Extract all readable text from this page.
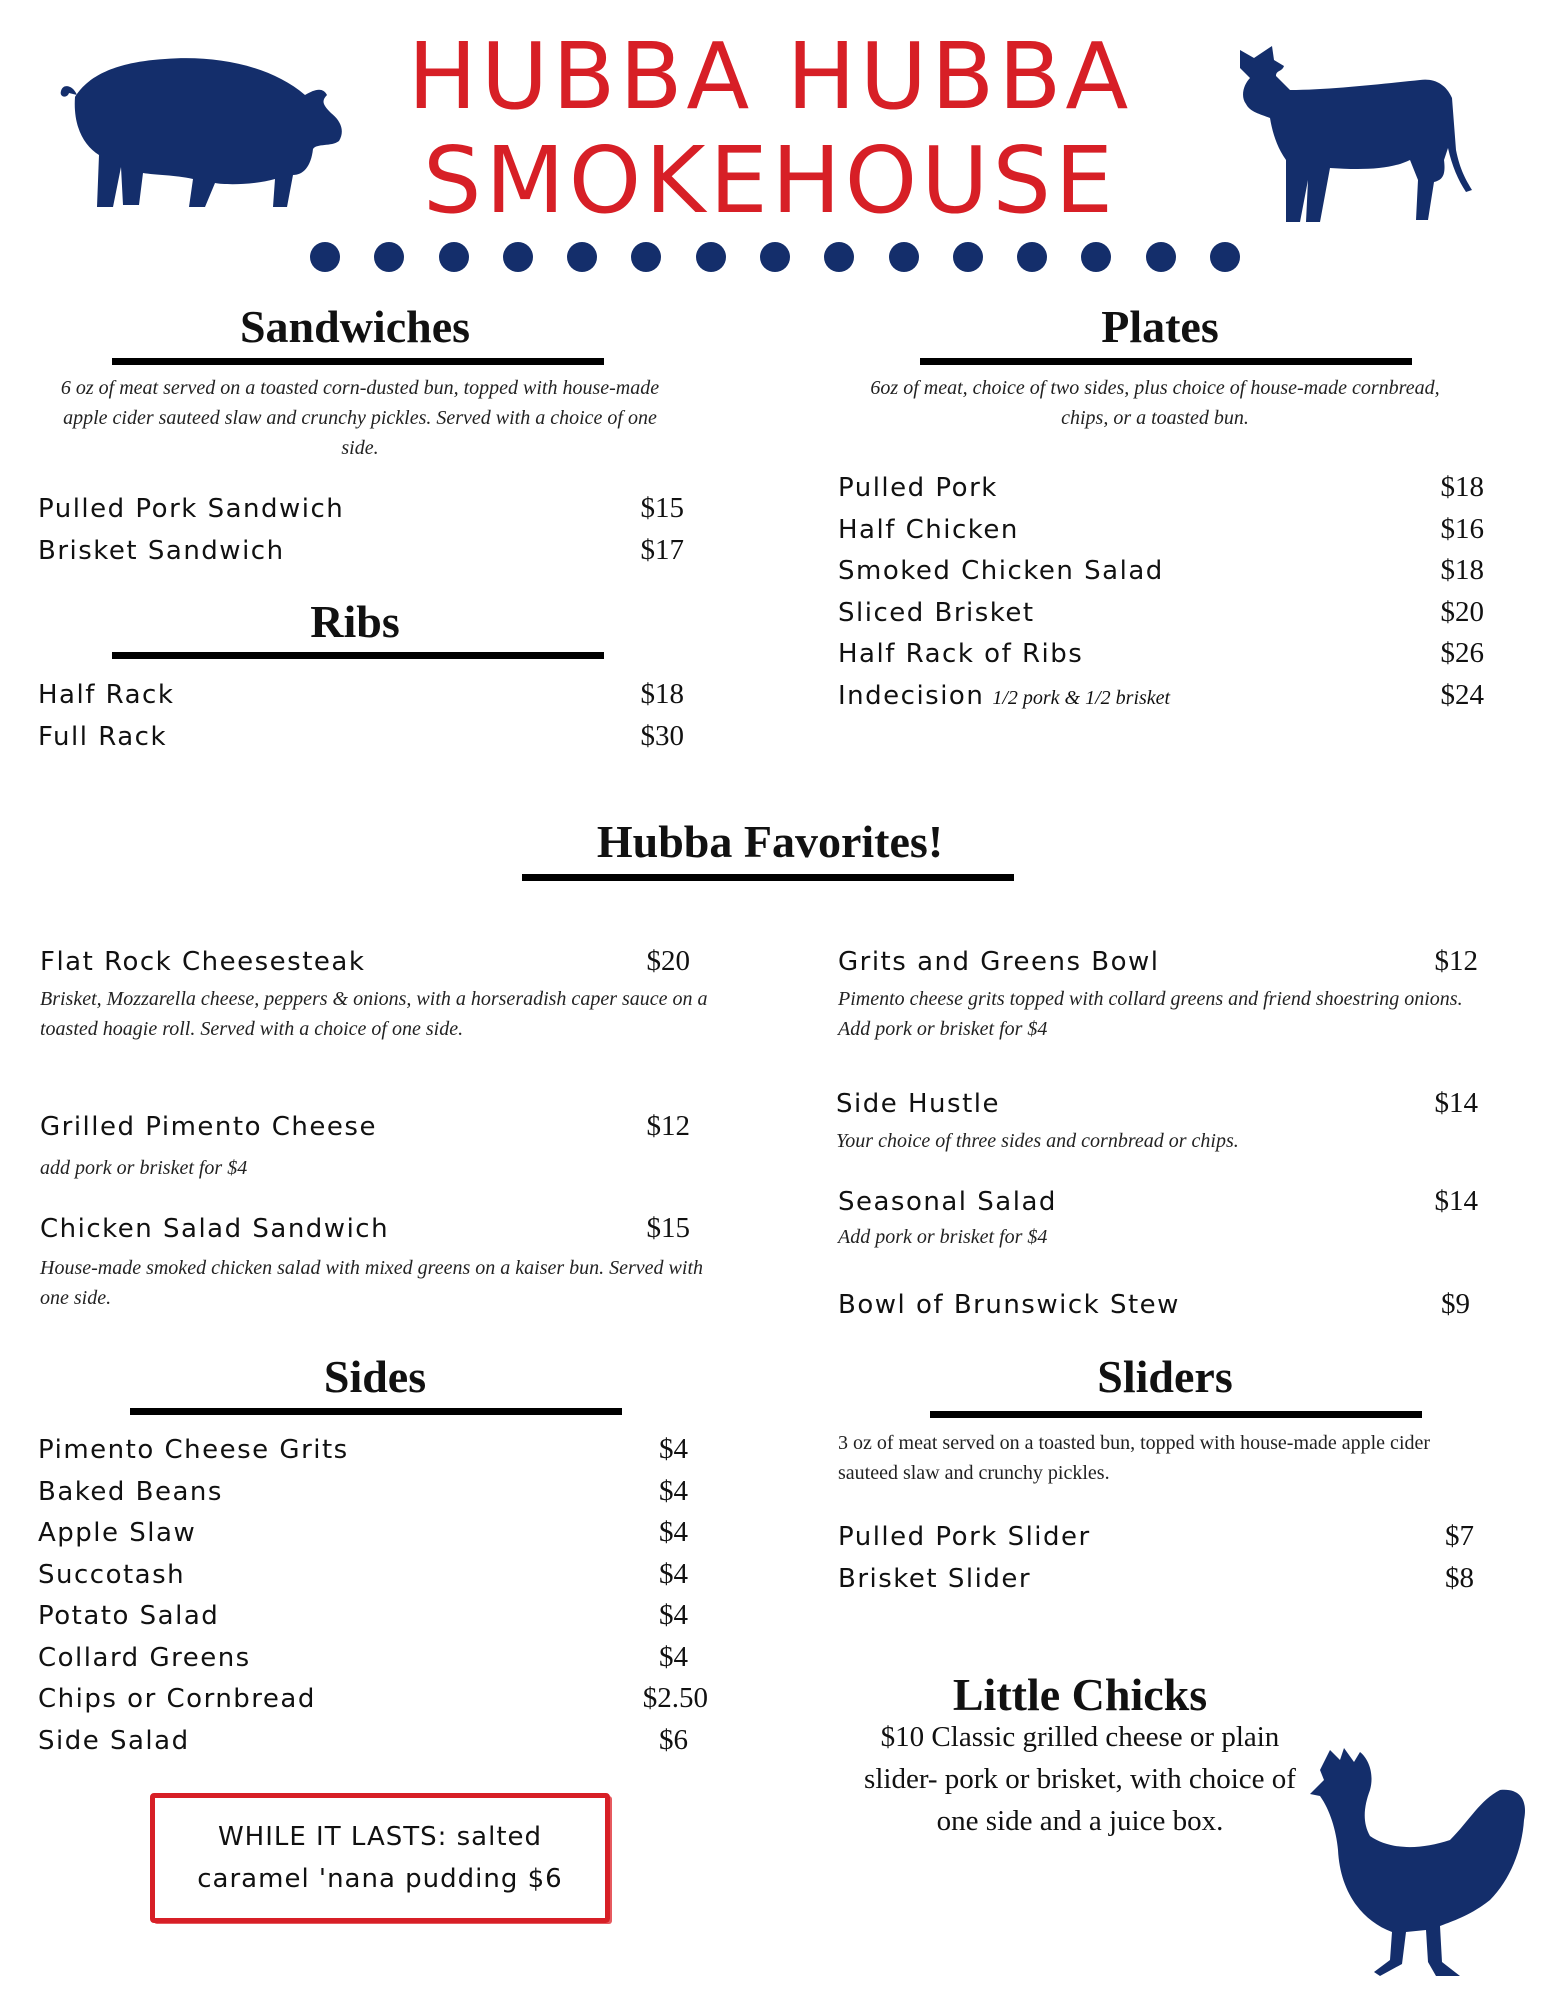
HUBBA HUBBA
SMOKEHOUSE
Sandwiches
6 oz of meat served on a toasted corn-dusted bun, topped with house-made apple cider sauteed slaw and crunchy pickles. Served with a choice of one side.
Pulled Pork Sandwich	$15
Brisket Sandwich	$17
Ribs
Half Rack	$18
Full Rack	$30
Plates
6oz of meat, choice of two sides, plus choice of house-made cornbread, chips, or a toasted bun.
Pulled Pork	$18
Half Chicken	$16
Smoked Chicken Salad	$18
Sliced Brisket	$20
Half Rack of Ribs	$26
Indecision 1/2 pork & 1/2 brisket	$24
Hubba Favorites!
Flat Rock Cheesesteak	$20
Brisket, Mozzarella cheese, peppers & onions, with a horseradish caper sauce on a toasted hoagie roll. Served with a choice of one side.
Grilled Pimento Cheese	$12
add pork or brisket for $4
Chicken Salad Sandwich	$15
House-made smoked chicken salad with mixed greens on a kaiser bun. Served with one side.
Grits and Greens Bowl	$12
Pimento cheese grits topped with collard greens and friend shoestring onions. Add pork or brisket for $4
Side Hustle	$14
Your choice of three sides and cornbread or chips.
Seasonal Salad	$14
Add pork or brisket for $4
Bowl of Brunswick Stew	$9
Sides
Pimento Cheese Grits	$4
Baked Beans	$4
Apple Slaw	$4
Succotash	$4
Potato Salad	$4
Collard Greens	$4
Chips or Cornbread	$2.50
Side Salad	$6
WHILE IT LASTS: salted
caramel 'nana pudding $6
Sliders
3 oz of meat served on a toasted bun, topped with house-made apple cider sauteed slaw and crunchy pickles.
Pulled Pork Slider	$7
Brisket Slider	$8
Little Chicks
$10 Classic grilled cheese or plain
slider- pork or brisket, with choice of
one side and a juice box.
